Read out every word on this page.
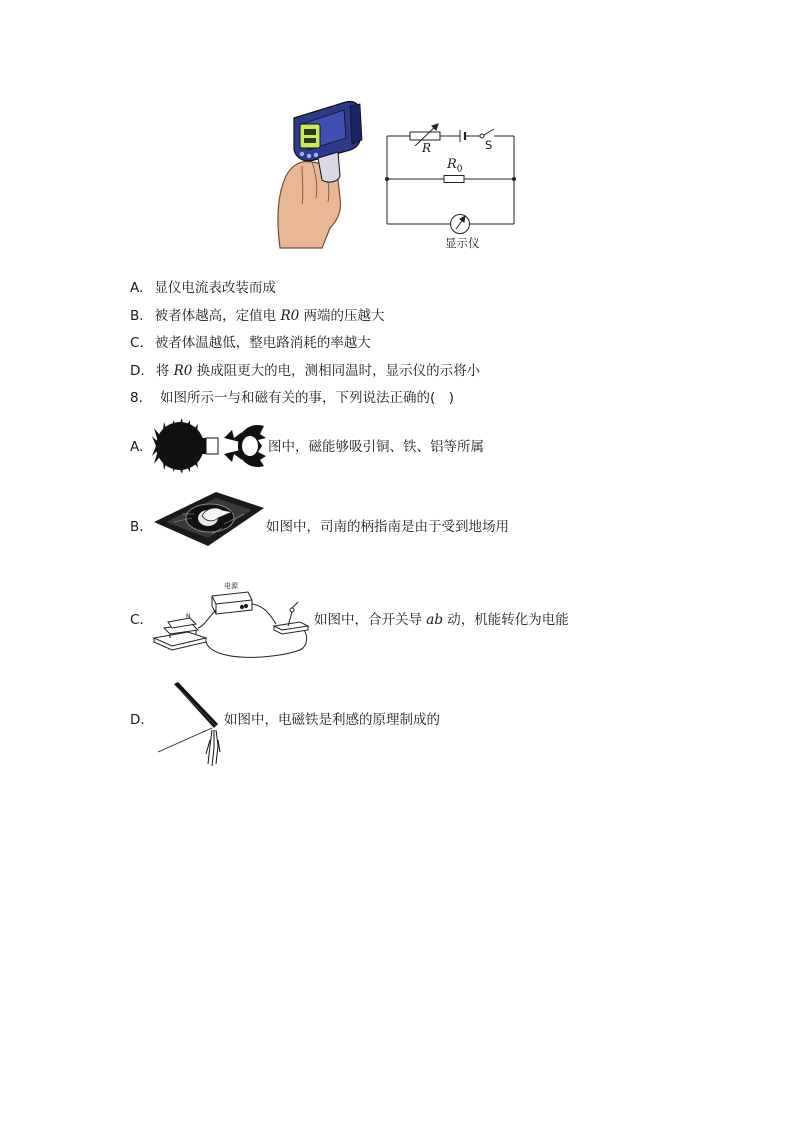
R	S
$R_0$
显示仪
A. 显仪电流表改装而成
B. 被者体越高，定值电 R0 两端的压越大
C. 被者体温越低，整电路消耗的率越大
D. 将 R0 换成阻更大的电，测相同温时，显示仪的示将小
8. 如图所示一与和磁有关的事，下列说法正确的(　)
A.	图中，磁能够吸引铜、铁、铝等所属
B.	如图中，司南的柄指南是由于受到地场用
C.
电源
N	如图中，合开关导 ab 动，机能转化为电能
D.	如图中，电磁铁是利感的原理制成的
